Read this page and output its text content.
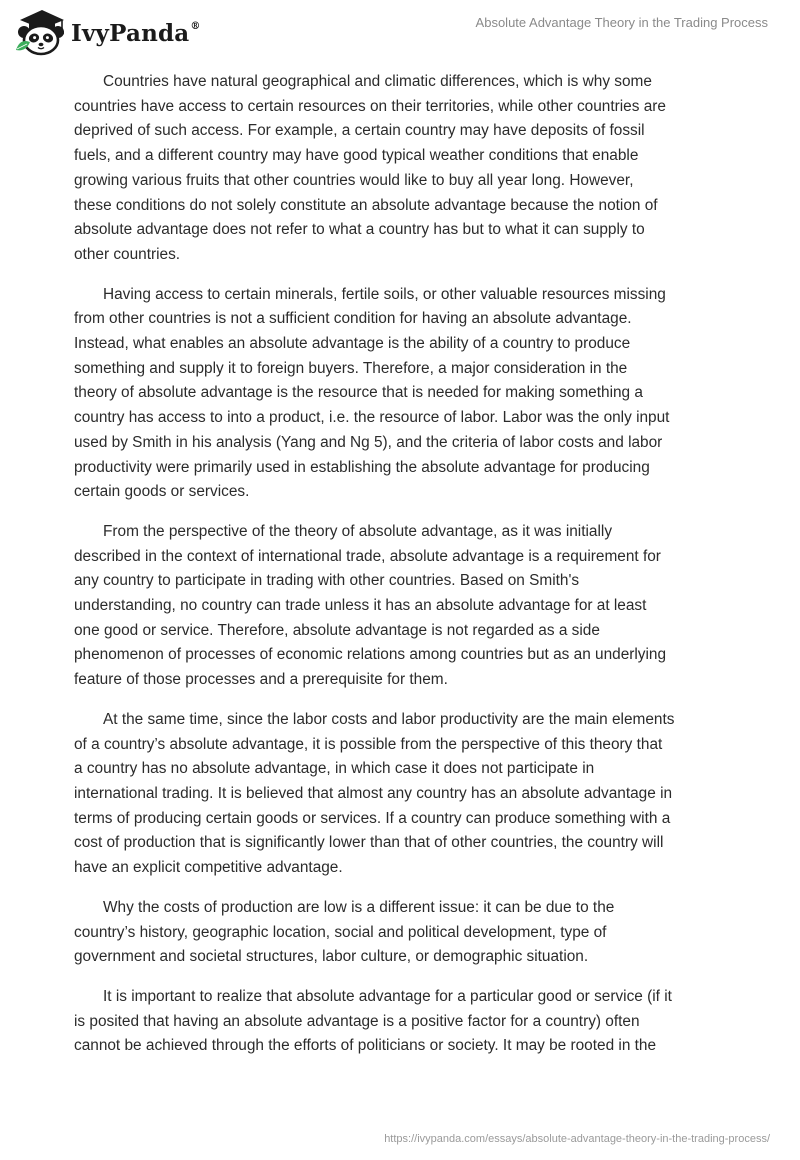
IvyPanda®	Absolute Advantage Theory in the Trading Process

Countries have natural geographical and climatic differences, which is why some
countries have access to certain resources on their territories, while other countries are
deprived of such access. For example, a certain country may have deposits of fossil
fuels, and a different country may have good typical weather conditions that enable
growing various fruits that other countries would like to buy all year long. However,
these conditions do not solely constitute an absolute advantage because the notion of
absolute advantage does not refer to what a country has but to what it can supply to
other countries.

Having access to certain minerals, fertile soils, or other valuable resources missing
from other countries is not a sufficient condition for having an absolute advantage.
Instead, what enables an absolute advantage is the ability of a country to produce
something and supply it to foreign buyers. Therefore, a major consideration in the
theory of absolute advantage is the resource that is needed for making something a
country has access to into a product, i.e. the resource of labor. Labor was the only input
used by Smith in his analysis (Yang and Ng 5), and the criteria of labor costs and labor
productivity were primarily used in establishing the absolute advantage for producing
certain goods or services.

From the perspective of the theory of absolute advantage, as it was initially
described in the context of international trade, absolute advantage is a requirement for
any country to participate in trading with other countries. Based on Smith's
understanding, no country can trade unless it has an absolute advantage for at least
one good or service. Therefore, absolute advantage is not regarded as a side
phenomenon of processes of economic relations among countries but as an underlying
feature of those processes and a prerequisite for them.

At the same time, since the labor costs and labor productivity are the main elements
of a country’s absolute advantage, it is possible from the perspective of this theory that
a country has no absolute advantage, in which case it does not participate in
international trading. It is believed that almost any country has an absolute advantage in
terms of producing certain goods or services. If a country can produce something with a
cost of production that is significantly lower than that of other countries, the country will
have an explicit competitive advantage.

Why the costs of production are low is a different issue: it can be due to the
country’s history, geographic location, social and political development, type of
government and societal structures, labor culture, or demographic situation.

It is important to realize that absolute advantage for a particular good or service (if it
is posited that having an absolute advantage is a positive factor for a country) often
cannot be achieved through the efforts of politicians or society. It may be rooted in the

https://ivypanda.com/essays/absolute-advantage-theory-in-the-trading-process/
